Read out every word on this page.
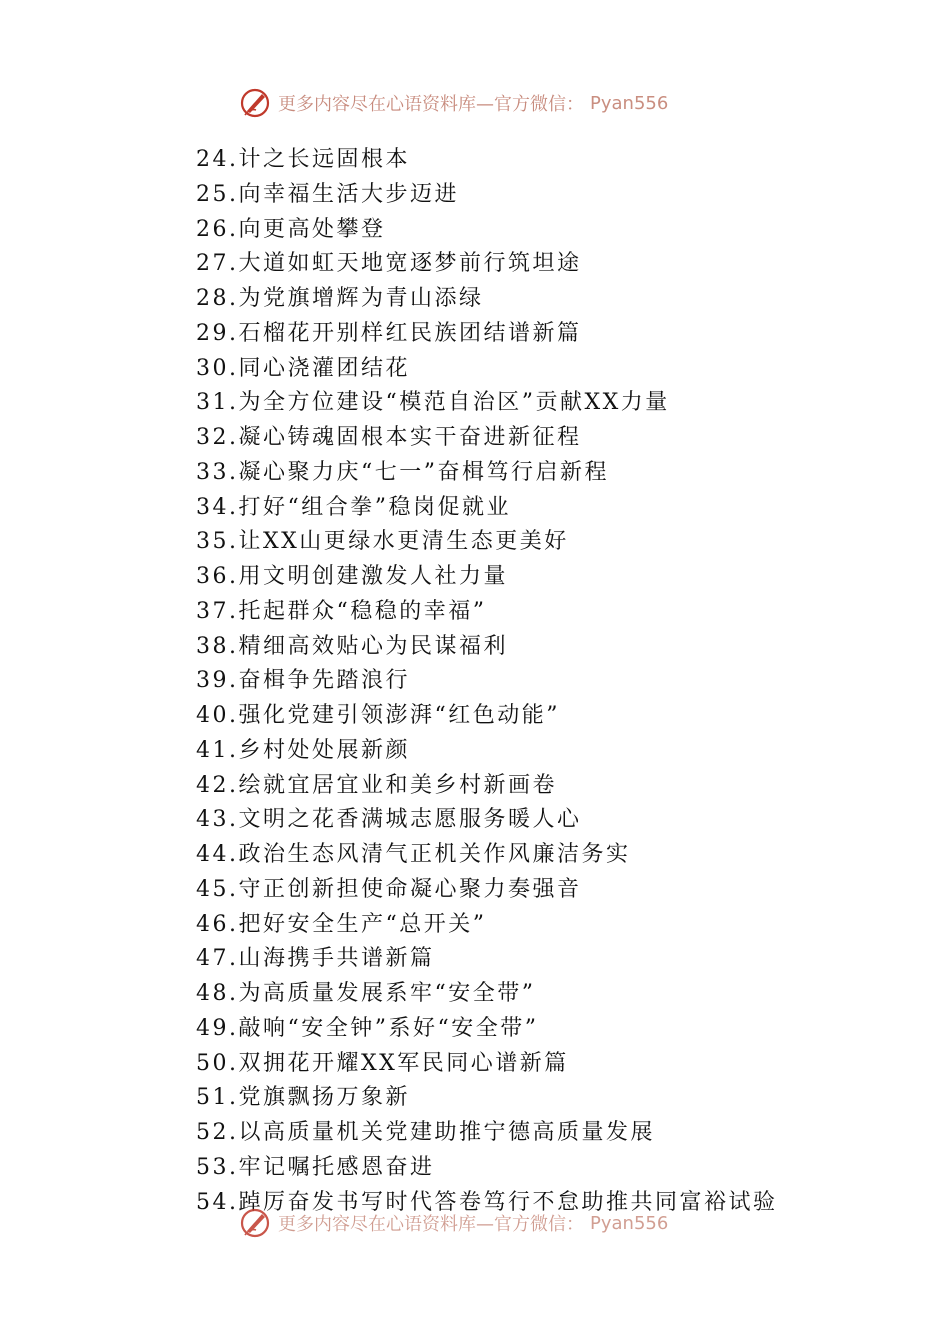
更多内容尽在心语资料库—官方微信： Pyan556
24.计之长远固根本
25.向幸福生活大步迈进
26.向更高处攀登
27.大道如虹天地宽逐梦前行筑坦途
28.为党旗增辉为青山添绿
29.石榴花开别样红民族团结谱新篇
30.同心浇灌团结花
31.为全方位建设“模范自治区”贡献XX力量
32.凝心铸魂固根本实干奋进新征程
33.凝心聚力庆“七一”奋楫笃行启新程
34.打好“组合拳”稳岗促就业
35.让XX山更绿水更清生态更美好
36.用文明创建激发人社力量
37.托起群众“稳稳的幸福”
38.精细高效贴心为民谋福利
39.奋楫争先踏浪行
40.强化党建引领澎湃“红色动能”
41.乡村处处展新颜
42.绘就宜居宜业和美乡村新画卷
43.文明之花香满城志愿服务暖人心
44.政治生态风清气正机关作风廉洁务实
45.守正创新担使命凝心聚力奏强音
46.把好安全生产“总开关”
47.山海携手共谱新篇
48.为高质量发展系牢“安全带”
49.敲响“安全钟”系好“安全带”
50.双拥花开耀XX军民同心谱新篇
51.党旗飘扬万象新
52.以高质量机关党建助推宁德高质量发展
53.牢记嘱托感恩奋进
54.踔厉奋发书写时代答卷笃行不怠助推共同富裕试验
更多内容尽在心语资料库—官方微信： Pyan556
